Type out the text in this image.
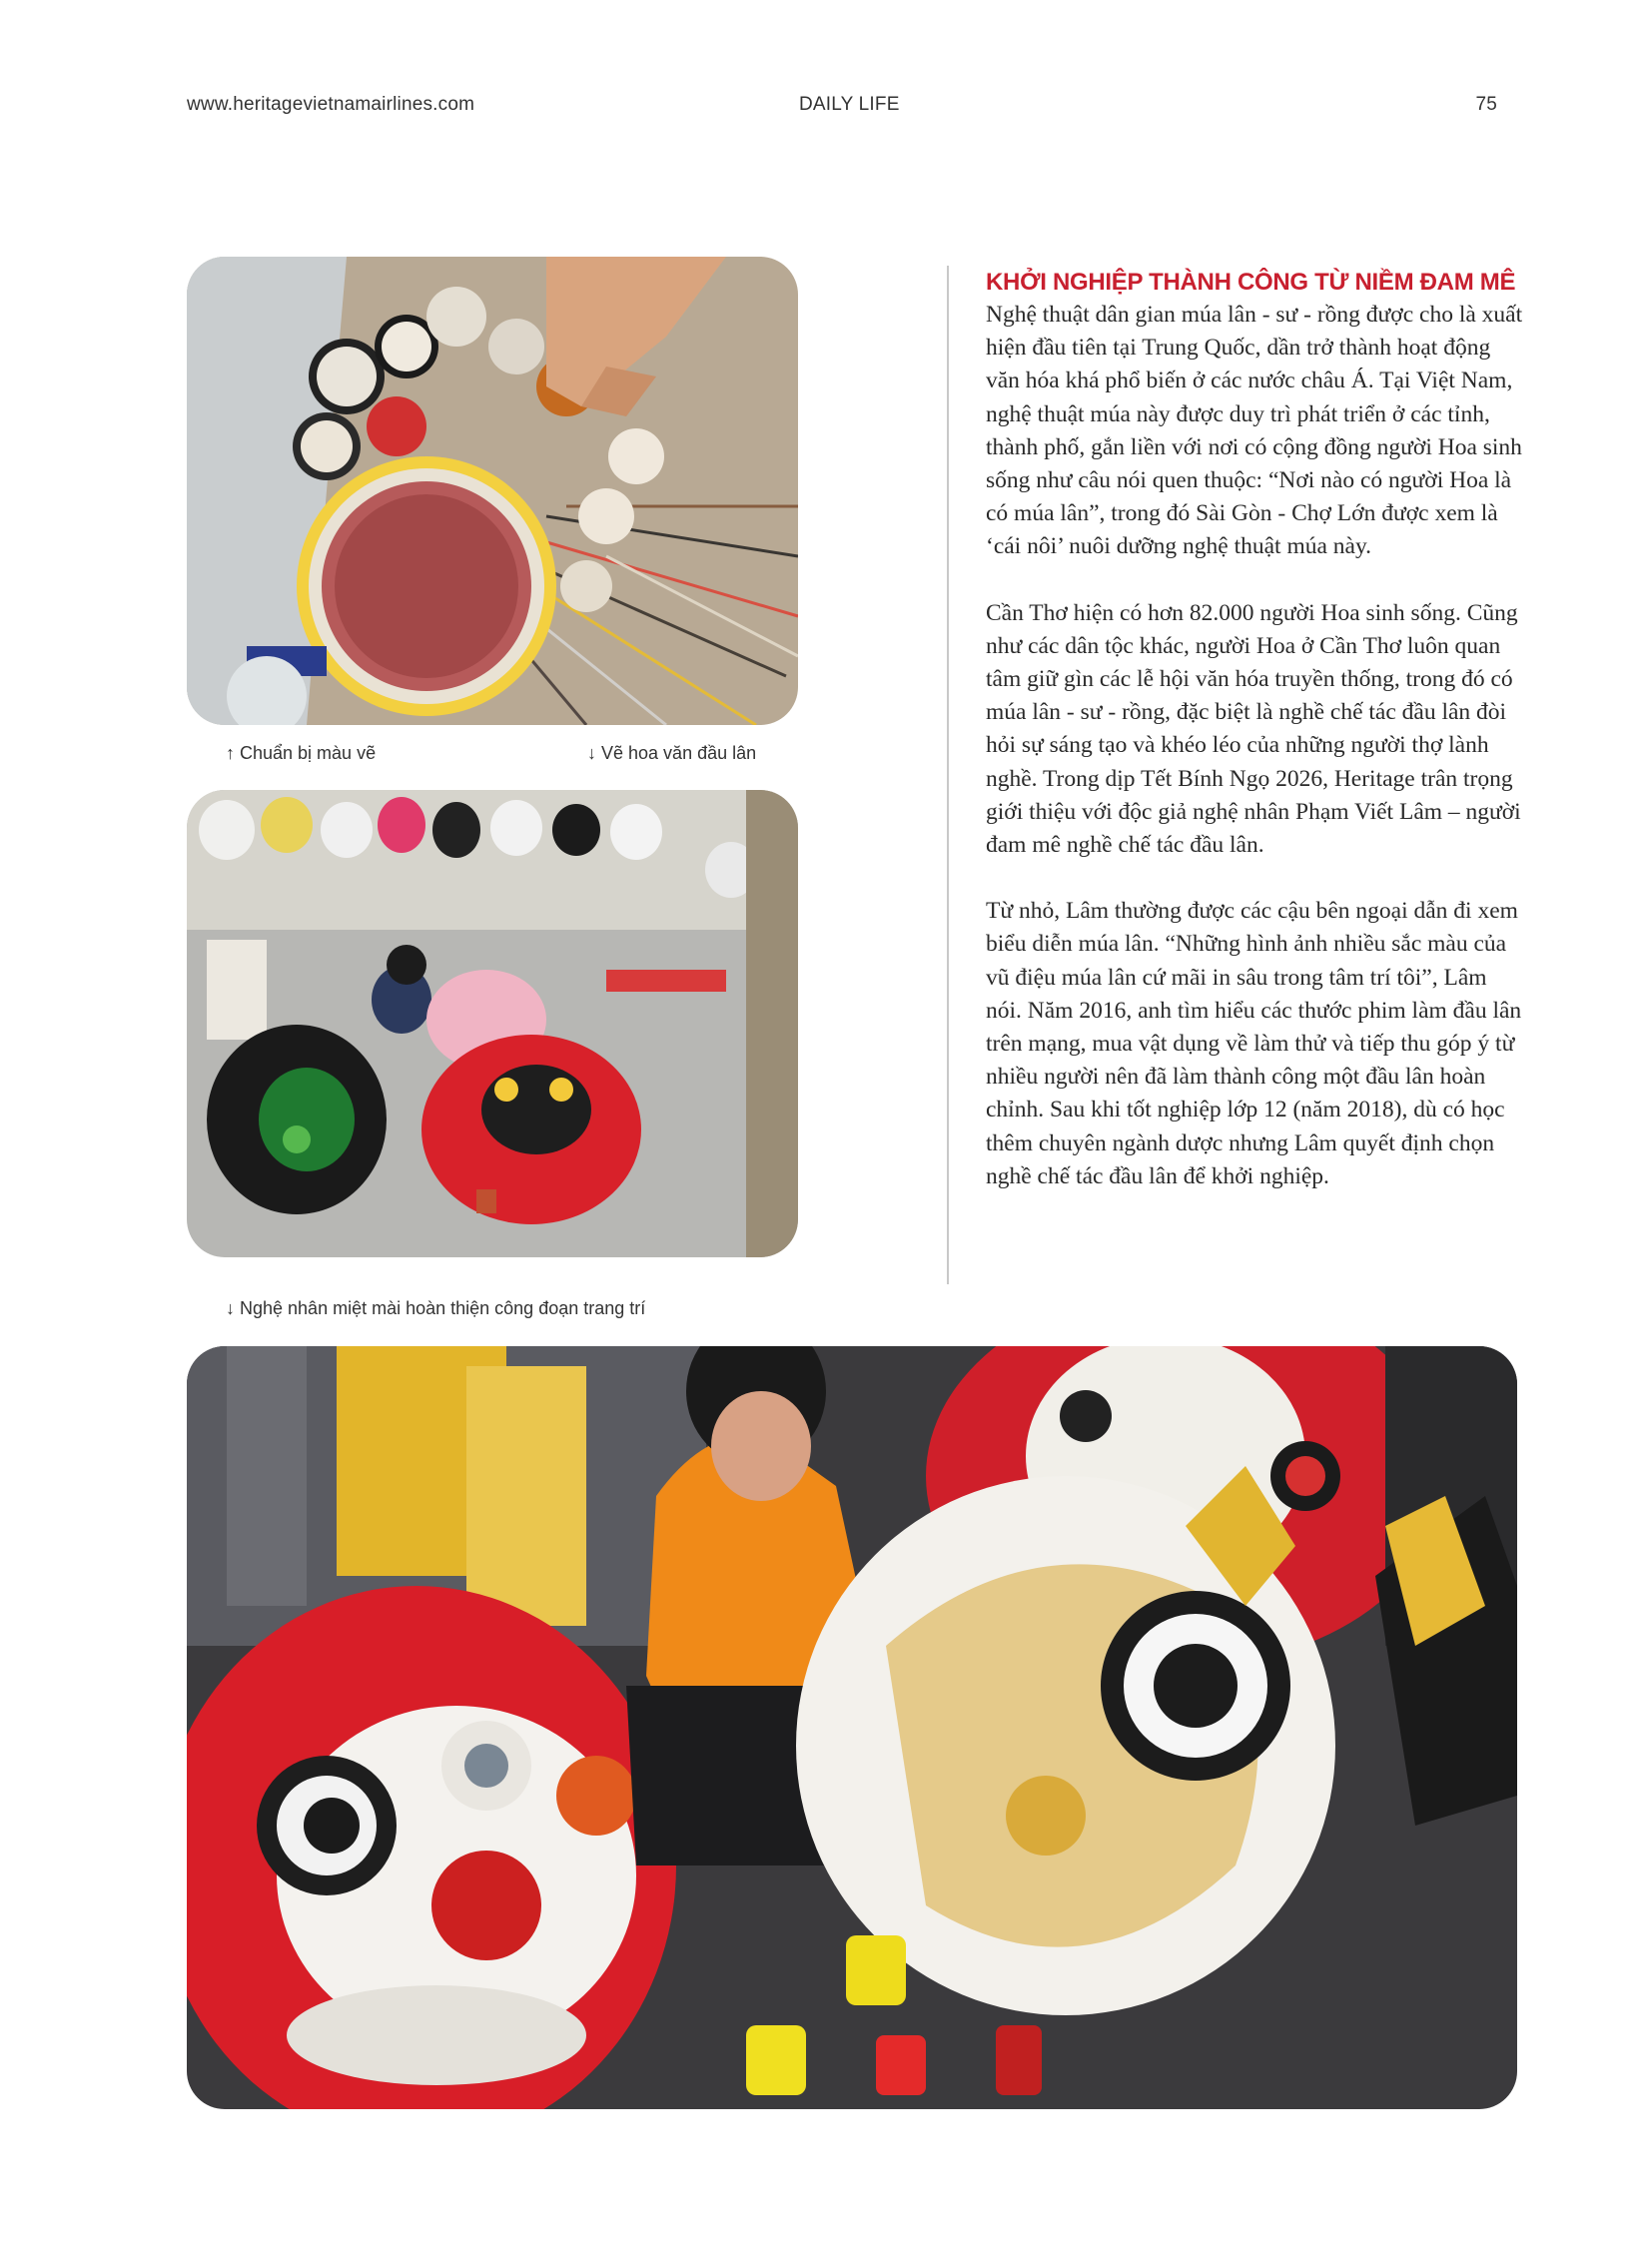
www.heritagevietnamairlines.com	DAILY LIFE	75
↑ Chuẩn bị màu vẽ	↓ Vẽ hoa văn đầu lân
↓ Nghệ nhân miệt mài hoàn thiện công đoạn trang trí
KHỞI NGHIỆP THÀNH CÔNG TỪ NIỀM ĐAM MÊ

Nghệ thuật dân gian múa lân - sư - rồng được cho là xuất hiện đầu tiên tại Trung Quốc, dần trở thành hoạt động văn hóa khá phổ biến ở các nước châu Á. Tại Việt Nam, nghệ thuật múa này được duy trì phát triển ở các tỉnh, thành phố, gắn liền với nơi có cộng đồng người Hoa sinh sống như câu nói quen thuộc: “Nơi nào có người Hoa là có múa lân”, trong đó Sài Gòn - Chợ Lớn được xem là ‘cái nôi’ nuôi dưỡng nghệ thuật múa này.

Cần Thơ hiện có hơn 82.000 người Hoa sinh sống. Cũng như các dân tộc khác, người Hoa ở Cần Thơ luôn quan tâm giữ gìn các lễ hội văn hóa truyền thống, trong đó có múa lân - sư - rồng, đặc biệt là nghề chế tác đầu lân đòi hỏi sự sáng tạo và khéo léo của những người thợ lành nghề. Trong dịp Tết Bính Ngọ 2026, Heritage trân trọng giới thiệu với độc giả nghệ nhân Phạm Viết Lâm – người đam mê nghề chế tác đầu lân.

Từ nhỏ, Lâm thường được các cậu bên ngoại dẫn đi xem biểu diễn múa lân. “Những hình ảnh nhiều sắc màu của vũ điệu múa lân cứ mãi in sâu trong tâm trí tôi”, Lâm nói. Năm 2016, anh tìm hiểu các thước phim làm đầu lân trên mạng, mua vật dụng về làm thử và tiếp thu góp ý từ nhiều người nên đã làm thành công một đầu lân hoàn chỉnh. Sau khi tốt nghiệp lớp 12 (năm 2018), dù có học thêm chuyên ngành dược nhưng Lâm quyết định chọn nghề chế tác đầu lân để khởi nghiệp.
